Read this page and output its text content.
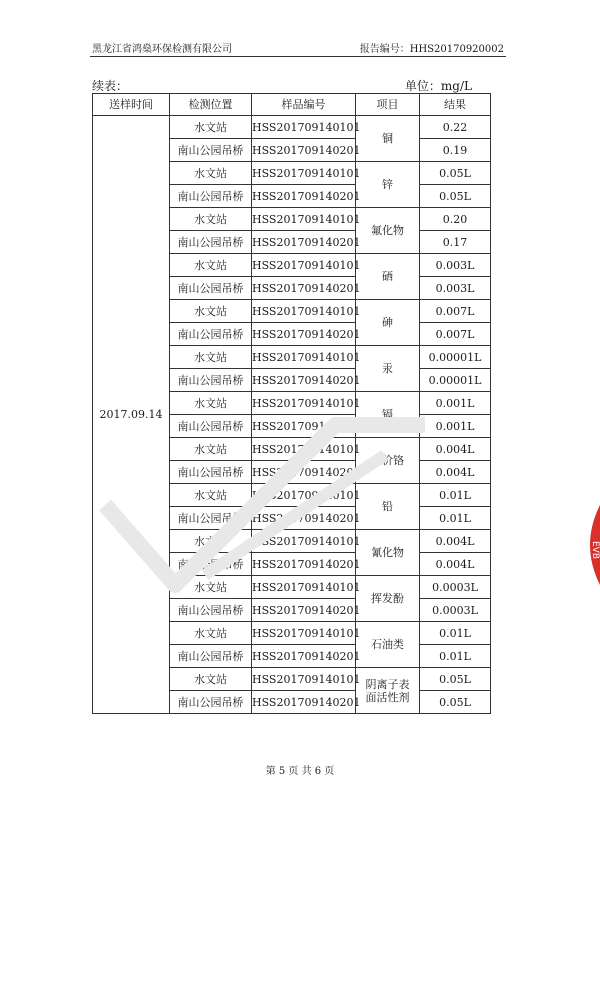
黑龙江省鸿燊环保检测有限公司	报告编号：HHS20170920002
续表：	单位：mg/L
送样时间	检测位置	样品编号	项目	结果
2017.09.14	水文站	HSS201709140101	铜	0.22
	南山公园吊桥	HSS201709140201		0.19
	水文站	HSS201709140101	锌	0.05L
	南山公园吊桥	HSS201709140201		0.05L
	水文站	HSS201709140101	氟化物	0.20
	南山公园吊桥	HSS201709140201		0.17
	水文站	HSS201709140101	硒	0.003L
	南山公园吊桥	HSS201709140201		0.003L
	水文站	HSS201709140101	砷	0.007L
	南山公园吊桥	HSS201709140201		0.007L
	水文站	HSS201709140101	汞	0.00001L
	南山公园吊桥	HSS201709140201		0.00001L
	水文站	HSS201709140101	镉	0.001L
	南山公园吊桥	HSS201709140201		0.001L
	水文站	HSS201709140101	六价铬	0.004L
	南山公园吊桥	HSS201709140201		0.004L
	水文站	HSS201709140101	铅	0.01L
	南山公园吊桥	HSS201709140201		0.01L
	水文站	HSS201709140101	氰化物	0.004L
	南山公园吊桥	HSS201709140201		0.004L
	水文站	HSS201709140101	挥发酚	0.0003L
	南山公园吊桥	HSS201709140201		0.0003L
	水文站	HSS201709140101	石油类	0.01L
	南山公园吊桥	HSS201709140201		0.01L
	水文站	HSS201709140101	阴离子表面活性剂	0.05L
	南山公园吊桥	HSS201709140201		0.05L
EVB
第 5 页 共 6 页
